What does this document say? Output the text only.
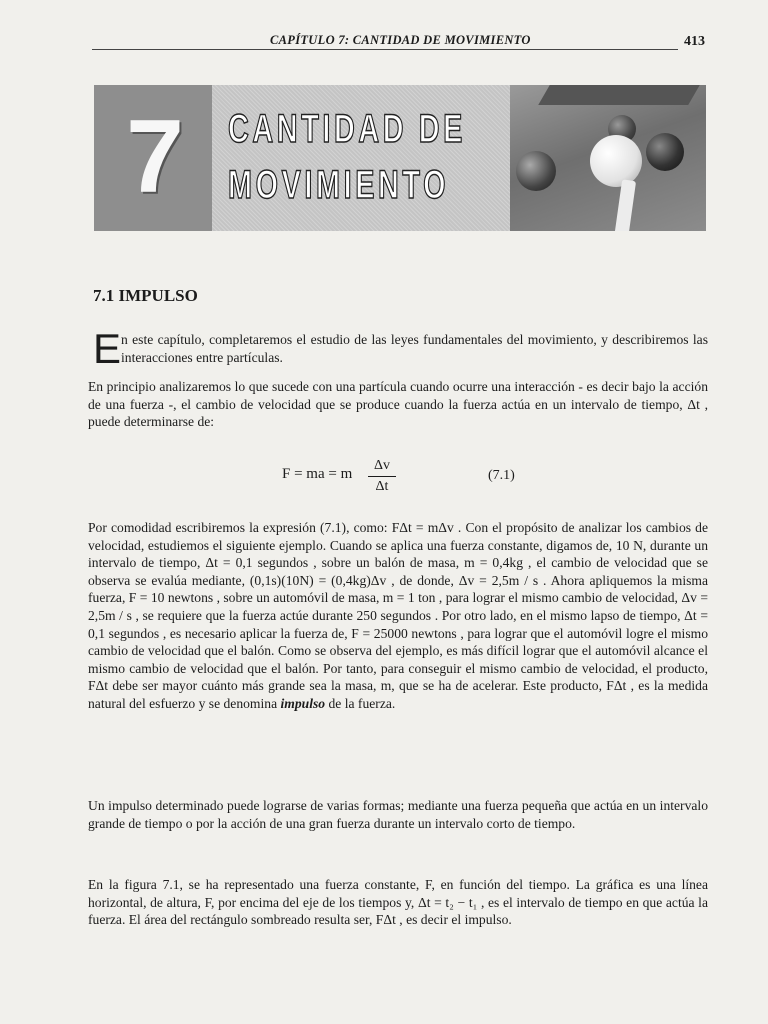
CAPÍTULO 7: CANTIDAD DE MOVIMIENTO	413
7 CANTIDAD DE
MOVIMIENTO
7.1 IMPULSO
E n este capítulo, completaremos el estudio de las leyes fundamentales del movimiento, y describiremos las interacciones entre partículas.
En principio analizaremos lo que sucede con una partícula cuando ocurre una interacción - es decir bajo la acción de una fuerza -, el cambio de velocidad que se produce cuando la fuerza actúa en un intervalo de tiempo, Δt , puede determinarse de:
F = ma = m
Δv
Δt
(7.1)
Por comodidad escribiremos la expresión (7.1), como: FΔt = mΔv . Con el propósito de analizar los cambios de velocidad, estudiemos el siguiente ejemplo. Cuando se aplica una fuerza constante, digamos de, 10 N, durante un intervalo de tiempo, Δt = 0,1 segundos , sobre un balón de masa, m = 0,4kg , el cambio de velocidad que se observa se evalúa mediante, (0,1s)(10N) = (0,4kg)Δv , de donde, Δv = 2,5m / s . Ahora apliquemos la misma fuerza, F = 10 newtons , sobre un automóvil de masa, m = 1 ton , para lograr el mismo cambio de velocidad, Δv = 2,5m / s , se requiere que la fuerza actúe durante 250 segundos . Por otro lado, en el mismo lapso de tiempo, Δt = 0,1 segundos , es necesario aplicar la fuerza de, F = 25000 newtons , para lograr que el automóvil logre el mismo cambio de velocidad que el balón. Como se observa del ejemplo, es más difícil lograr que el automóvil alcance el mismo cambio de velocidad que el balón. Por tanto, para conseguir el mismo cambio de velocidad, el producto, FΔt debe ser mayor cuánto más grande sea la masa, m, que se ha de acelerar. Este producto, FΔt , es la medida natural del esfuerzo y se denomina impulso de la fuerza.
Un impulso determinado puede lograrse de varias formas; mediante una fuerza pequeña que actúa en un intervalo grande de tiempo o por la acción de una gran fuerza durante un intervalo corto de tiempo.
En la figura 7.1, se ha representado una fuerza constante, F, en función del tiempo. La gráfica es una línea horizontal, de altura, F, por encima del eje de los tiempos y, Δt = t₂ − t₁ , es el intervalo de tiempo en que actúa la fuerza. El área del rectángulo sombreado resulta ser, FΔt , es decir el impulso.
